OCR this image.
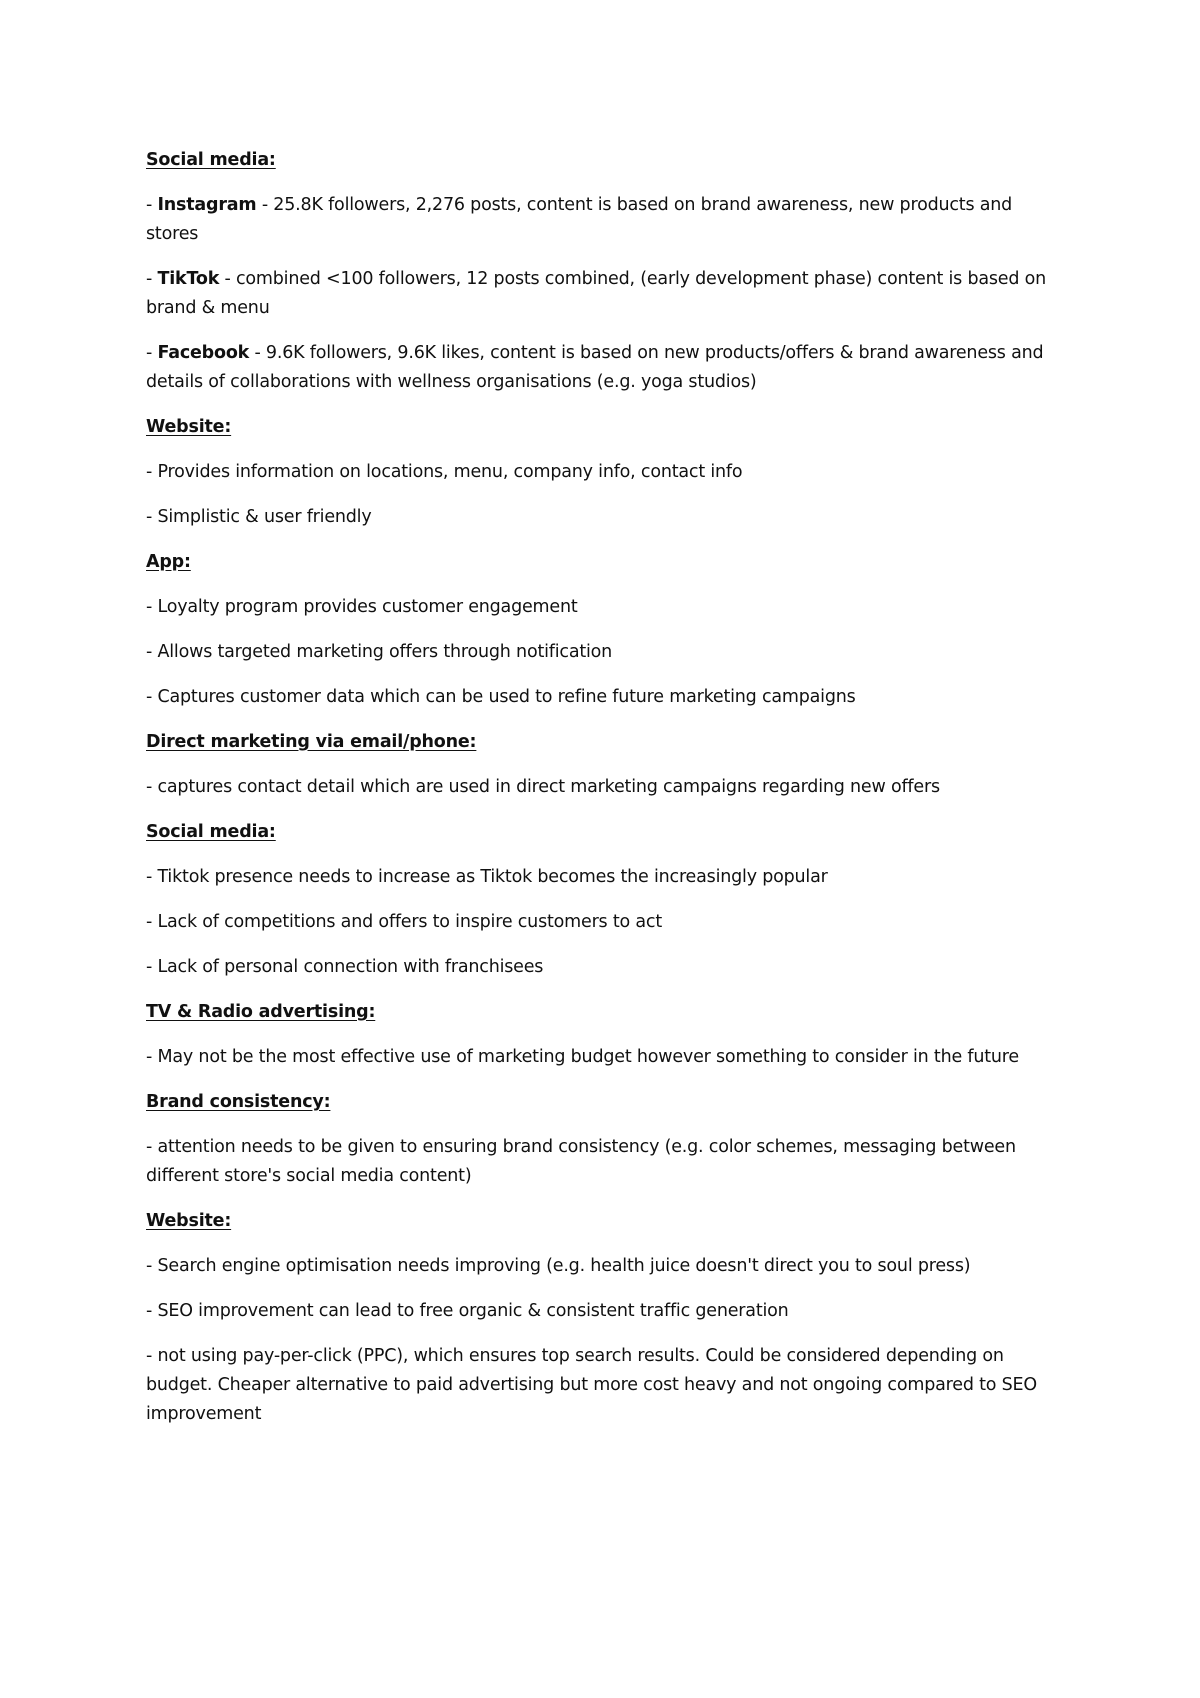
Social media:

- Instagram - 25.8K followers, 2,276 posts, content is based on brand awareness, new products and stores

- TikTok - combined <100 followers, 12 posts combined, (early development phase) content is based on brand & menu

- Facebook - 9.6K followers, 9.6K likes, content is based on new products/offers & brand awareness and details of collaborations with wellness organisations (e.g. yoga studios)

Website:

- Provides information on locations, menu, company info, contact info

- Simplistic & user friendly

App:

- Loyalty program provides customer engagement

- Allows targeted marketing offers through notification

- Captures customer data which can be used to refine future marketing campaigns

Direct marketing via email/phone:

- captures contact detail which are used in direct marketing campaigns regarding new offers

Social media:

- Tiktok presence needs to increase as Tiktok becomes the increasingly popular

- Lack of competitions and offers to inspire customers to act

- Lack of personal connection with franchisees

TV & Radio advertising:

- May not be the most effective use of marketing budget however something to consider in the future

Brand consistency:

- attention needs to be given to ensuring brand consistency (e.g. color schemes, messaging between different store's social media content)

Website:

- Search engine optimisation needs improving (e.g. health juice doesn't direct you to soul press)

- SEO improvement can lead to free organic & consistent traffic generation

- not using pay-per-click (PPC), which ensures top search results. Could be considered depending on budget. Cheaper alternative to paid advertising but more cost heavy and not ongoing compared to SEO improvement
